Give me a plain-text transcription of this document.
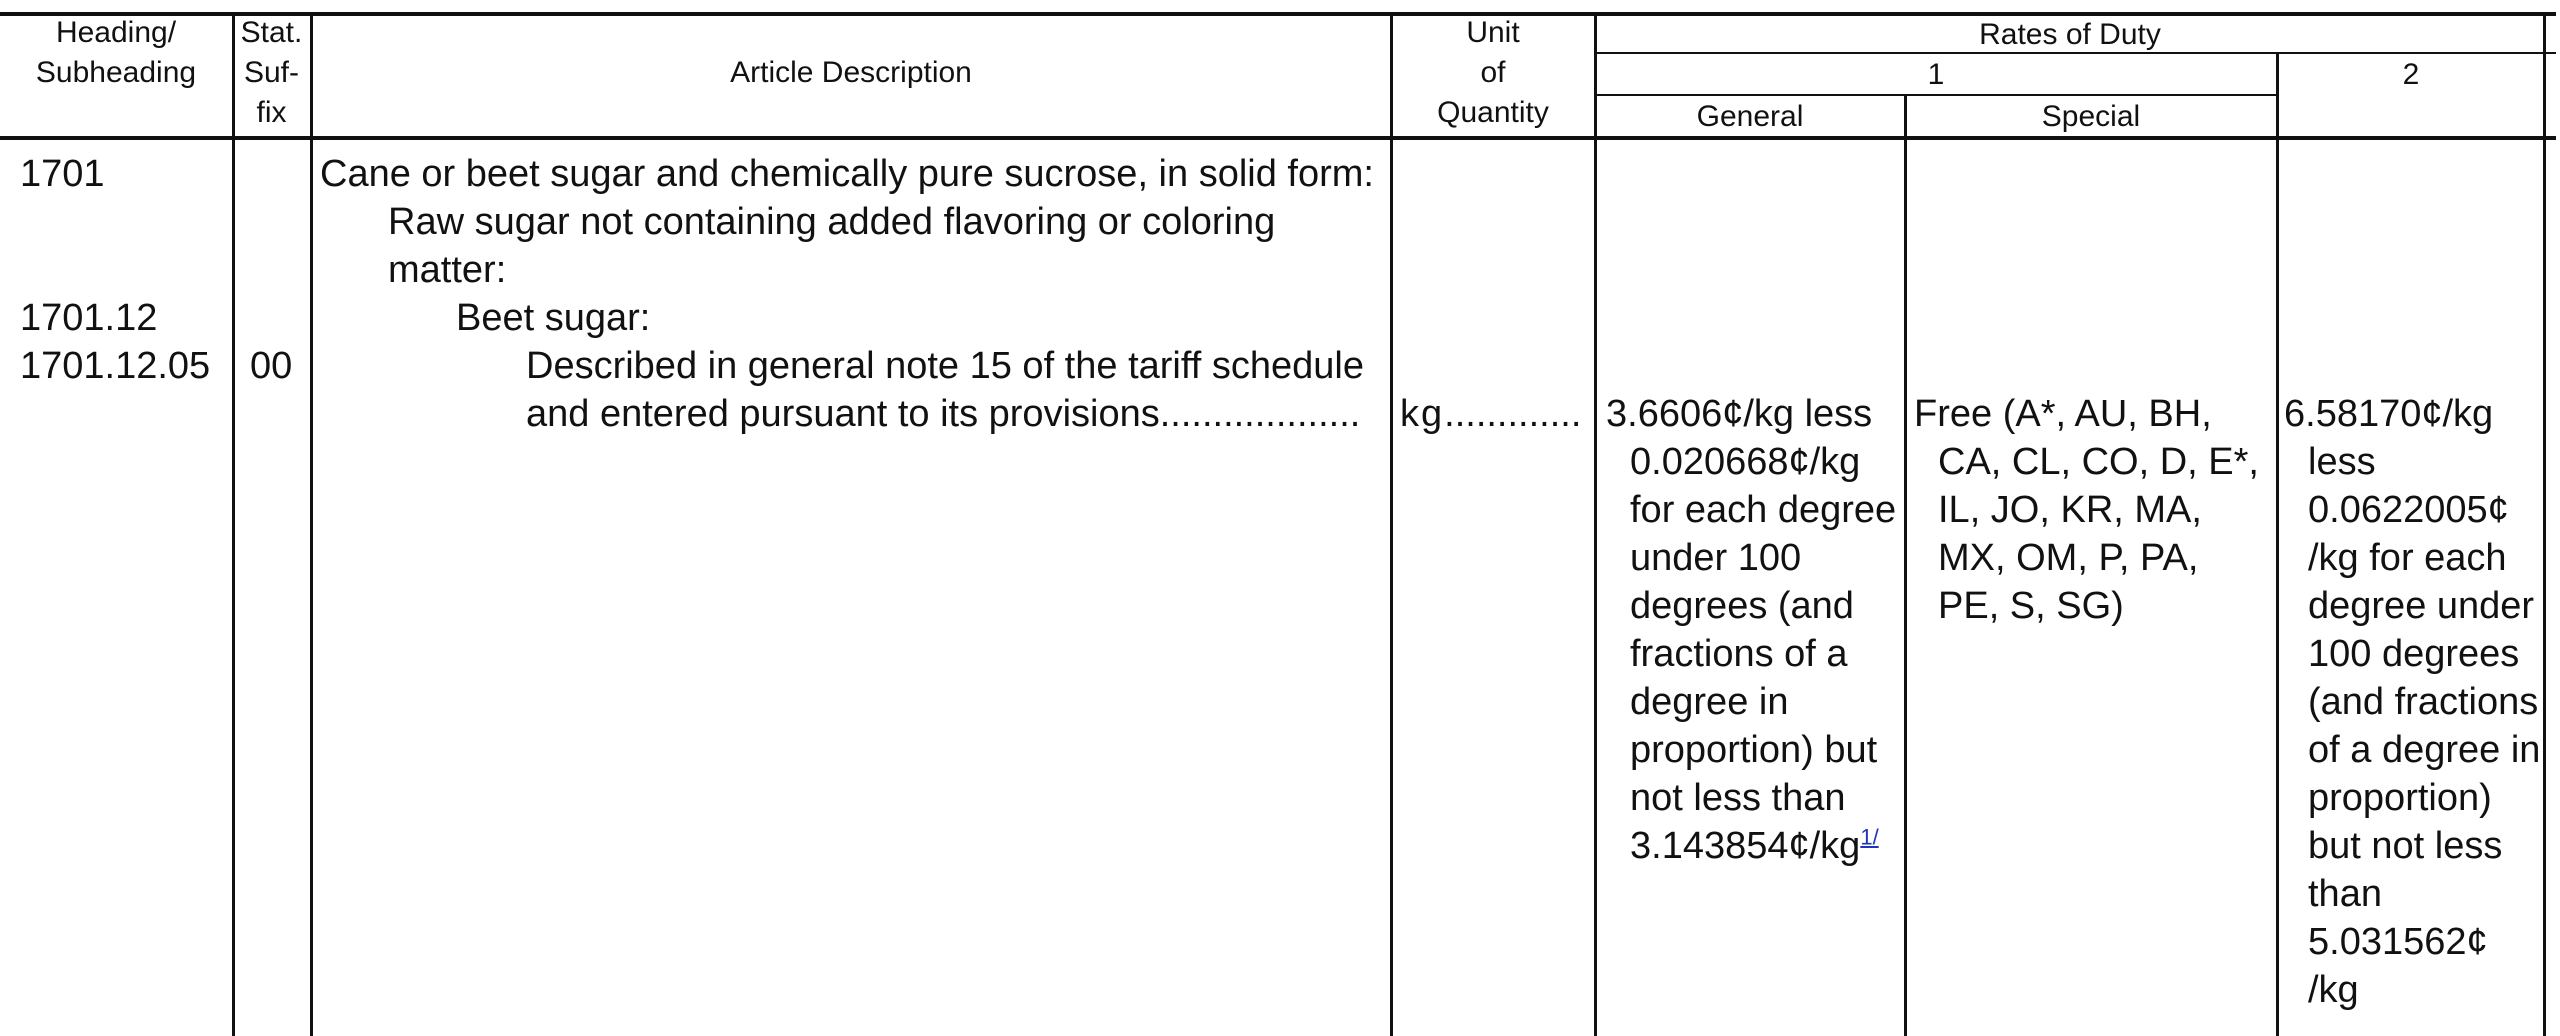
Heading/
Subheading
Stat.
Suf-
fix
Article Description
Unit
of
Quantity
Rates of Duty
1	2
General	Special
1701
1701.12
1701.12.05 00
Cane or beet sugar and chemically pure sucrose, in solid form:
Raw sugar not containing added flavoring or coloring
matter:
Beet sugar:
Described in general note 15 of the tariff schedule
and entered pursuant to its provisions................... kg............. 3.6606¢/kg less
0.020668¢/kg
for each degree
under 100
degrees (and
fractions of a
degree in
proportion) but
not less than
3.143854¢/kg$^{1/}$
Free (A*, AU, BH,
CA, CL, CO, D, E*,
IL, JO, KR, MA,
MX, OM, P, PA,
PE, S, SG)
6.58170¢/kg
less
0.0622005¢
/kg for each
degree under
100 degrees
(and fractions
of a degree in
proportion)
but not less
than
5.031562¢
/kg
